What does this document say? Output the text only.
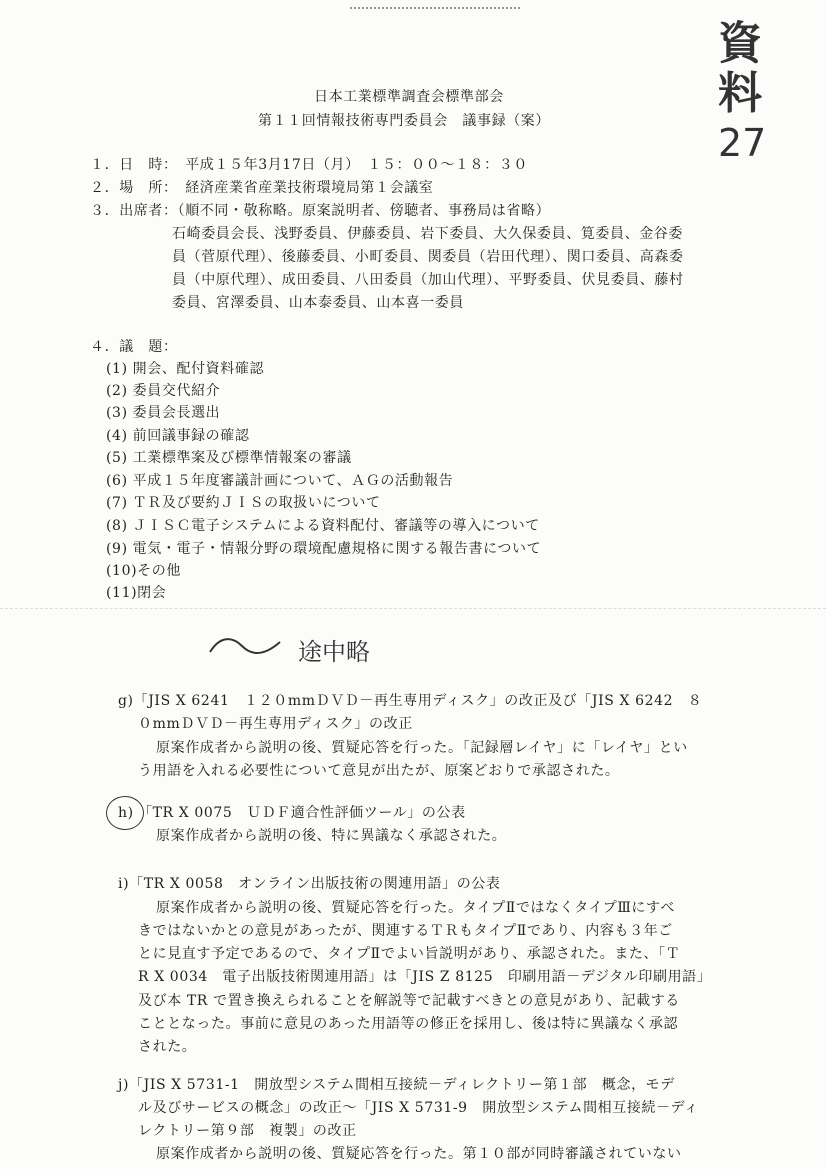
資
料
27
日本工業標準調査会標準部会
第１１回情報技術専門委員会　議事録（案）
１．日　時：　平成１５年3月17日（月）　１５：００～１８：３０
２．場　所：　経済産業省産業技術環境局第１会議室
３．出席者：（順不同・敬称略。原案説明者、傍聴者、事務局は省略）
石崎委員会長、浅野委員、伊藤委員、岩下委員、大久保委員、筧委員、金谷委
員（菅原代理）、後藤委員、小町委員、関委員（岩田代理）、関口委員、高森委
員（中原代理）、成田委員、八田委員（加山代理）、平野委員、伏見委員、藤村
委員、宮澤委員、山本泰委員、山本喜一委員
４．議　題：
(1) 開会、配付資料確認
(2) 委員交代紹介
(3) 委員会長選出
(4) 前回議事録の確認
(5) 工業標準案及び標準情報案の審議
(6) 平成１５年度審議計画について、ＡＧの活動報告
(7) ＴＲ及び要約ＪＩＳの取扱いについて
(8) ＪＩＳＣ電子システムによる資料配付、審議等の導入について
(9) 電気・電子・情報分野の環境配慮規格に関する報告書について
(10)その他
(11)閉会
途中略
g)「JIS X 6241　１２０mmＤＶＤ－再生専用ディスク」の改正及び「JIS X 6242　８
０mmＤＶＤ－再生専用ディスク」の改正
原案作成者から説明の後、質疑応答を行った。「記録層レイヤ」に「レイヤ」とい
う用語を入れる必要性について意見が出たが、原案どおりで承認された。
h) 「TR X 0075　ＵＤＦ適合性評価ツール」の公表
原案作成者から説明の後、特に異議なく承認された。
i)「TR X 0058　オンライン出版技術の関連用語」の公表
原案作成者から説明の後、質疑応答を行った。タイプⅡではなくタイプⅢにすべ
きではないかとの意見があったが、関連するＴＲもタイプⅡであり、内容も３年ご
とに見直す予定であるので、タイプⅡでよい旨説明があり、承認された。また、「Ｔ
R X 0034　電子出版技術関連用語」は「JIS Z 8125　印刷用語－デジタル印刷用語」
及び本 TR で置き換えられることを解説等で記載すべきとの意見があり、記載する
こととなった。事前に意見のあった用語等の修正を採用し、後は特に異議なく承認
された。
j)「JIS X 5731-1　開放型システム間相互接続－ディレクトリー第１部　概念，モデ
ル及びサービスの概念」の改正～「JIS X 5731-9　開放型システム間相互接続－ディ
レクトリー第９部　複製」の改正
原案作成者から説明の後、質疑応答を行った。第１０部が同時審議されていない
